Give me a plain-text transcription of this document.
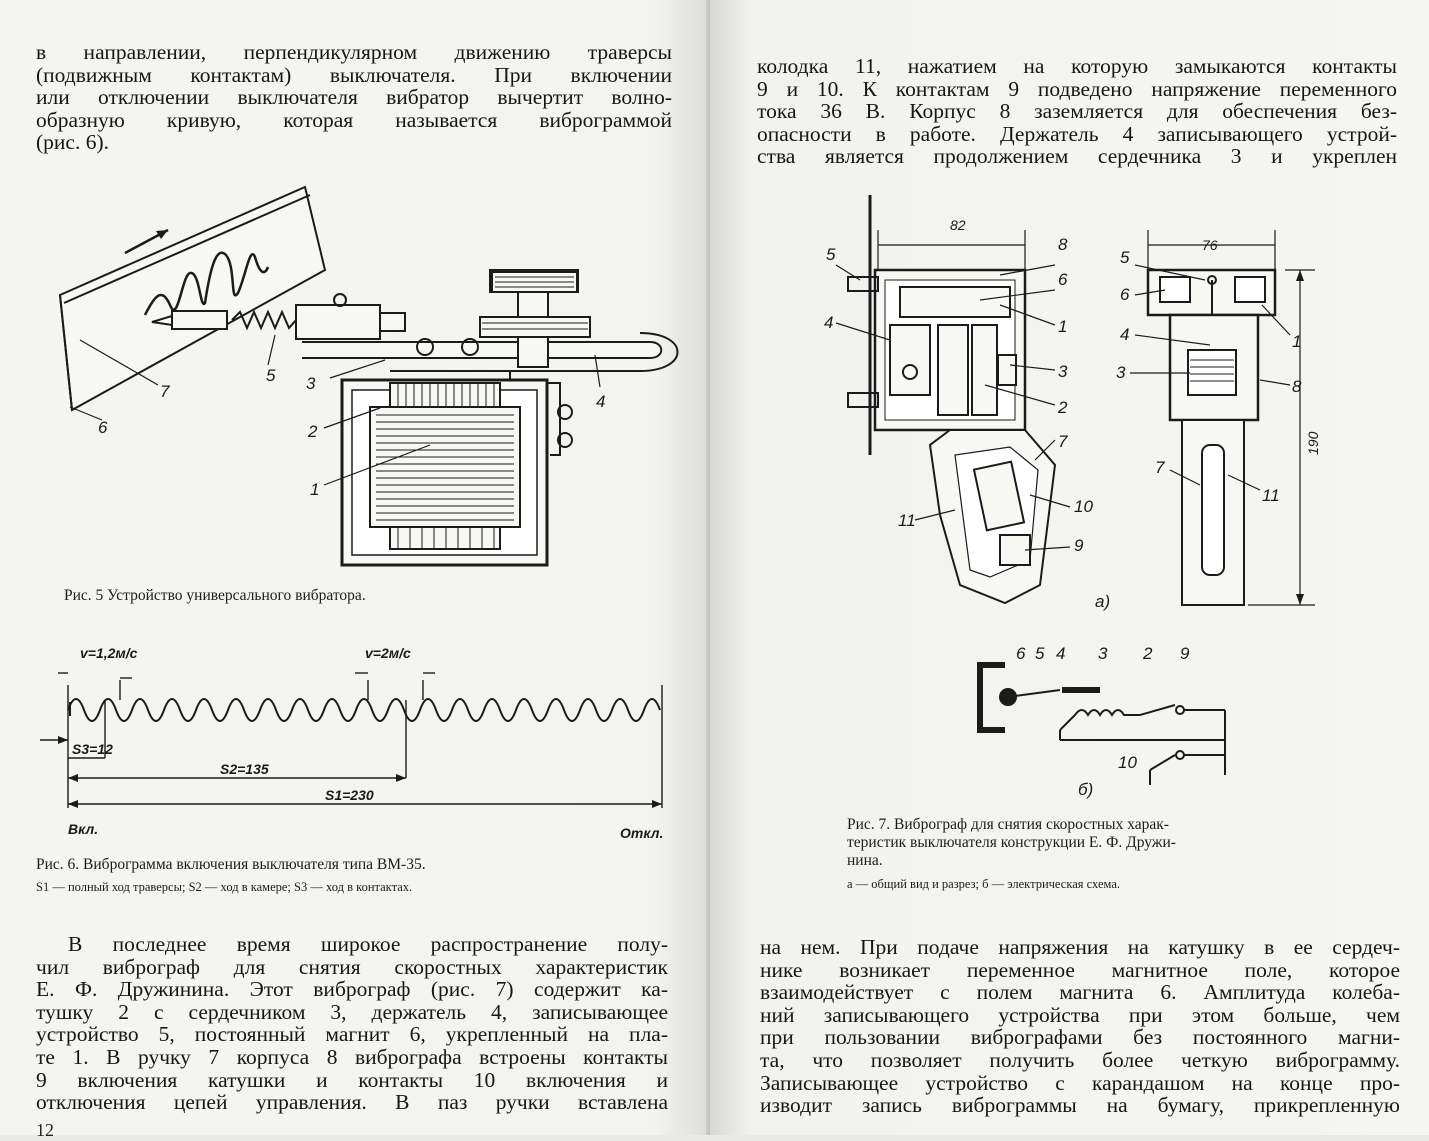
в направлении, перпендикулярном движению траверсы
(подвижным контактам) выключателя. При включении
или отключении выключателя вибратор вычертит волно-
образную кривую, которая называется виброграммой
(рис. 6).
7
6
5 3
2
1
4
Рис. 5 Устройство универсального вибратора.
v=1,2м/с	v=2м/с
S3=12
S2=135
S1=230
Вкл.	Откл.
Рис. 6. Виброграмма включения выключателя типа ВМ-35.
S1 — полный ход траверсы; S2 — ход в камере; S3 — ход в контактах.
В последнее время широкое распространение полу-
чил виброграф для снятия скоростных характеристик
Е. Ф. Дружинина. Этот виброграф (рис. 7) содержит ка-
тушку 2 с сердечником 3, держатель 4, записывающее
устройство 5, постоянный магнит 6, укрепленный на пла-
те 1. В ручку 7 корпуса 8 вибрографа встроены контакты
9 включения катушки и контакты 10 включения и
отключения цепей управления. В паз ручки вставлена
12
колодка 11, нажатием на которую замыкаются контакты
9 и 10. К контактам 9 подведено напряжение переменного
тока 36 В. Корпус 8 заземляется для обеспечения без-
опасности в работе. Держатель 4 записывающего устрой-
ства является продолжением сердечника 3 и укреплен
82
76
190
5
4
8
6
1
3
2
7
10
11
9
5
6
4
3
1
8
7
11
а)
6 5 4 3 2 9
10
б)
Рис. 7. Виброграф для снятия скоростных харак-
теристик выключателя конструкции Е. Ф. Дружи-
нина.
а — общий вид и разрез; б — электрическая схема.
на нем. При подаче напряжения на катушку в ее сердеч-
нике возникает переменное магнитное поле, которое
взаимодействует с полем магнита 6. Амплитуда колеба-
ний записывающего устройства при этом больше, чем
при пользовании вибрографами без постоянного магни-
та, что позволяет получить более четкую виброграмму.
Записывающее устройство с карандашом на конце про-
изводит запись виброграммы на бумагу, прикрепленную
